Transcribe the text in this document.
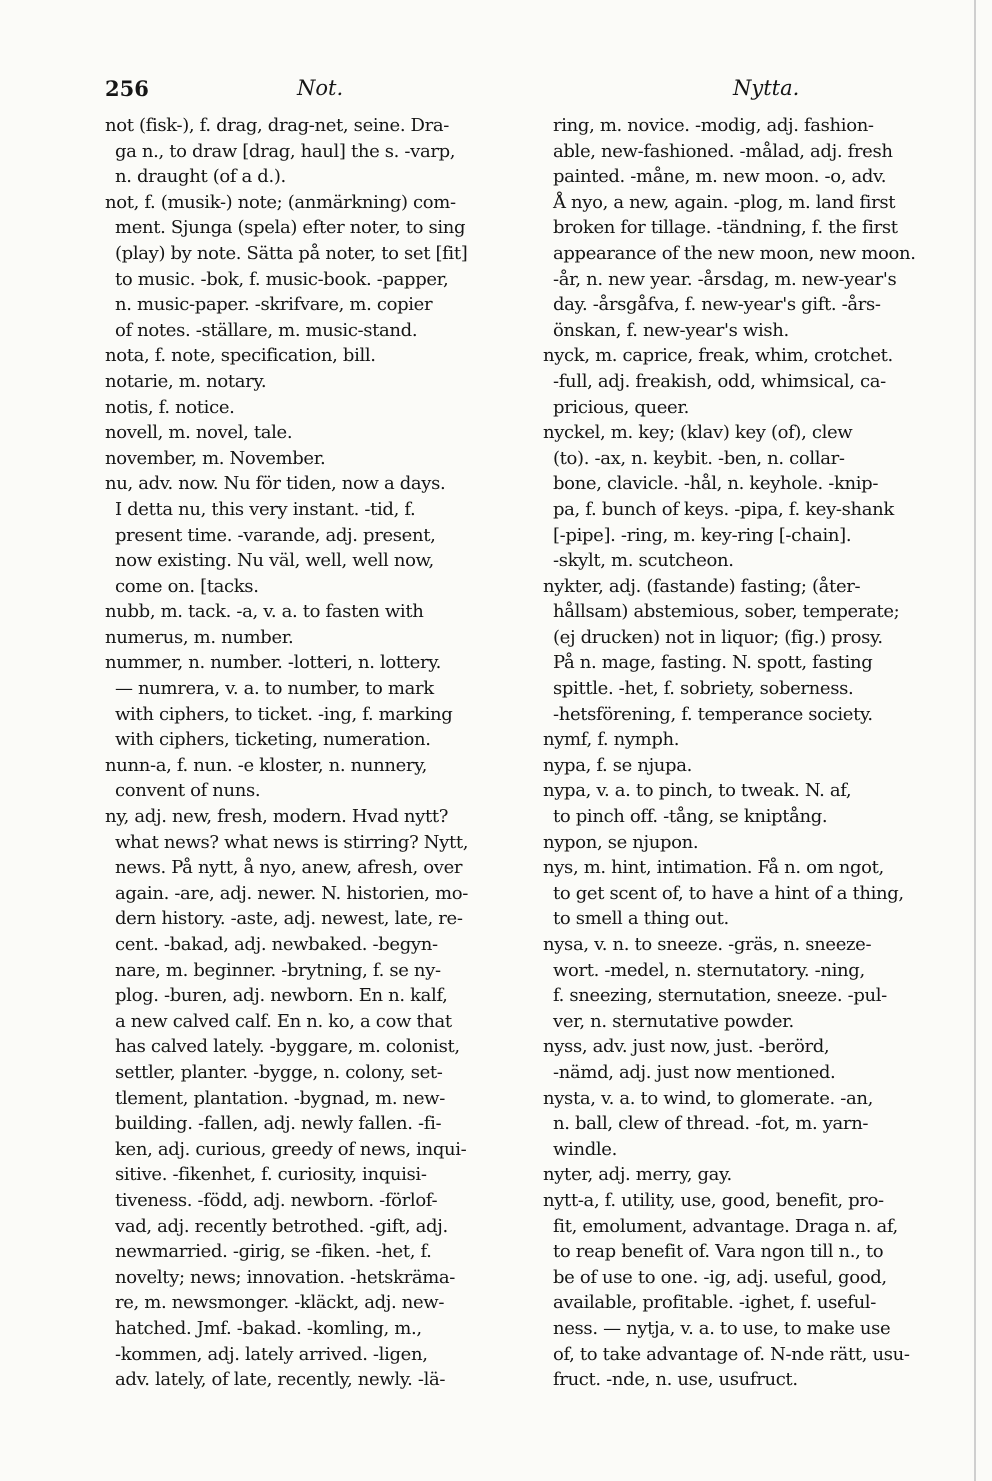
256	Not.	Nytta.
not (fisk-), f. drag, drag-net, seine. Dra-
ga n., to draw [drag, haul] the s. -varp,
n. draught (of a d.).
not, f. (musik-) note; (anmärkning) com-
ment. Sjunga (spela) efter noter, to sing
(play) by note. Sätta på noter, to set [fit]
to music. -bok, f. music-book. -papper,
n. music-paper. -skrifvare, m. copier
of notes. -ställare, m. music-stand.
nota, f. note, specification, bill.
notarie, m. notary.
notis, f. notice.
novell, m. novel, tale.
november, m. November.
nu, adv. now. Nu för tiden, now a days.
I detta nu, this very instant. -tid, f.
present time. -varande, adj. present,
now existing. Nu väl, well, well now,
come on. [tacks.
nubb, m. tack. -a, v. a. to fasten with
numerus, m. number.
nummer, n. number. -lotteri, n. lottery.
— numrera, v. a. to number, to mark
with ciphers, to ticket. -ing, f. marking
with ciphers, ticketing, numeration.
nunn-a, f. nun. -e kloster, n. nunnery,
convent of nuns.
ny, adj. new, fresh, modern. Hvad nytt?
what news? what news is stirring? Nytt,
news. På nytt, å nyo, anew, afresh, over
again. -are, adj. newer. N. historien, mo-
dern history. -aste, adj. newest, late, re-
cent. -bakad, adj. newbaked. -begyn-
nare, m. beginner. -brytning, f. se ny-
plog. -buren, adj. newborn. En n. kalf,
a new calved calf. En n. ko, a cow that
has calved lately. -byggare, m. colonist,
settler, planter. -bygge, n. colony, set-
tlement, plantation. -bygnad, m. new-
building. -fallen, adj. newly fallen. -fi-
ken, adj. curious, greedy of news, inqui-
sitive. -fikenhet, f. curiosity, inquisi-
tiveness. -född, adj. newborn. -förlof-
vad, adj. recently betrothed. -gift, adj.
newmarried. -girig, se -fiken. -het, f.
novelty; news; innovation. -hetskräma-
re, m. newsmonger. -kläckt, adj. new-
hatched. Jmf. -bakad. -komling, m.,
-kommen, adj. lately arrived. -ligen,
adv. lately, of late, recently, newly. -lä-
ring, m. novice. -modig, adj. fashion-
able, new-fashioned. -målad, adj. fresh
painted. -måne, m. new moon. -o, adv.
Å nyo, a new, again. -plog, m. land first
broken for tillage. -tändning, f. the first
appearance of the new moon, new moon.
-år, n. new year. -årsdag, m. new-year's
day. -årsgåfva, f. new-year's gift. -års-
önskan, f. new-year's wish.
nyck, m. caprice, freak, whim, crotchet.
-full, adj. freakish, odd, whimsical, ca-
pricious, queer.
nyckel, m. key; (klav) key (of), clew
(to). -ax, n. keybit. -ben, n. collar-
bone, clavicle. -hål, n. keyhole. -knip-
pa, f. bunch of keys. -pipa, f. key-shank
[-pipe]. -ring, m. key-ring [-chain].
-skylt, m. scutcheon.
nykter, adj. (fastande) fasting; (åter-
hållsam) abstemious, sober, temperate;
(ej drucken) not in liquor; (fig.) prosy.
På n. mage, fasting. N. spott, fasting
spittle. -het, f. sobriety, soberness.
-hetsförening, f. temperance society.
nymf, f. nymph.
nypa, f. se njupa.
nypa, v. a. to pinch, to tweak. N. af,
to pinch off. -tång, se kniptång.
nypon, se njupon.
nys, m. hint, intimation. Få n. om ngot,
to get scent of, to have a hint of a thing,
to smell a thing out.
nysa, v. n. to sneeze. -gräs, n. sneeze-
wort. -medel, n. sternutatory. -ning,
f. sneezing, sternutation, sneeze. -pul-
ver, n. sternutative powder.
nyss, adv. just now, just. -berörd,
-nämd, adj. just now mentioned.
nysta, v. a. to wind, to glomerate. -an,
n. ball, clew of thread. -fot, m. yarn-
windle.
nyter, adj. merry, gay.
nytt-a, f. utility, use, good, benefit, pro-
fit, emolument, advantage. Draga n. af,
to reap benefit of. Vara ngon till n., to
be of use to one. -ig, adj. useful, good,
available, profitable. -ighet, f. useful-
ness. — nytja, v. a. to use, to make use
of, to take advantage of. N-nde rätt, usu-
fruct. -nde, n. use, usufruct.
